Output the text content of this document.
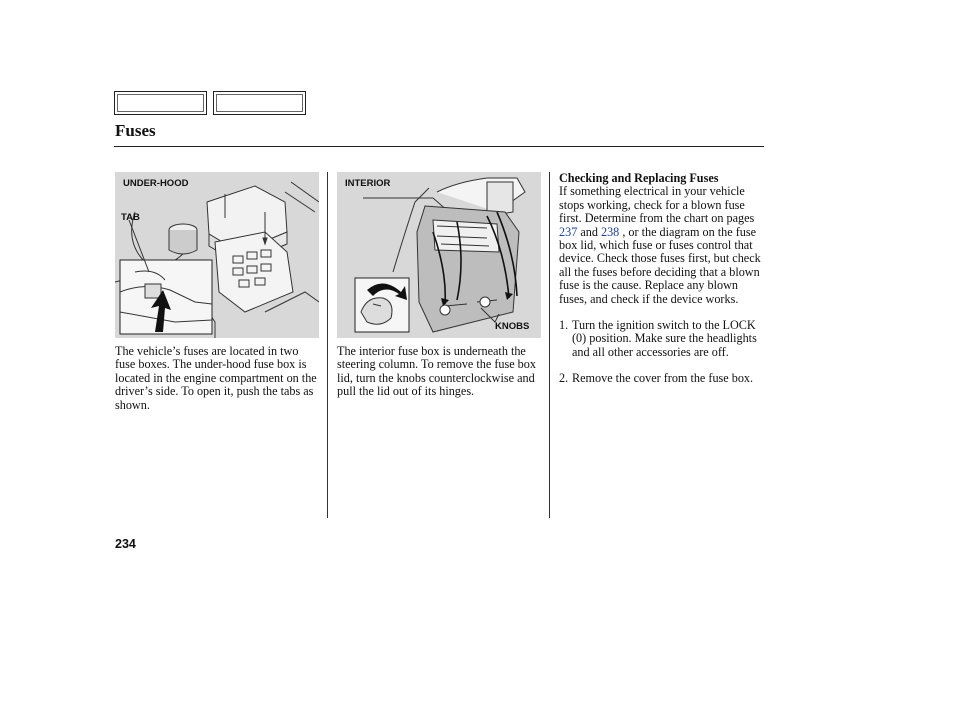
Fuses
UNDER-HOOD
TAB
INTERIOR
KNOBS
The vehicle’s fuses are located in two fuse boxes. The under-hood fuse box is located in the engine compartment on the driver’s side. To open it, push the tabs as shown.
The interior fuse box is underneath the steering column. To remove the fuse box lid, turn the knobs counterclockwise and pull the lid out of its hinges.
Checking and Replacing Fuses
If something electrical in your vehicle stops working, check for a blown fuse first. Determine from the chart on pages 237 and 238 , or the diagram on the fuse box lid, which fuse or fuses control that device. Check those fuses first, but check all the fuses before deciding that a blown fuse is the cause. Replace any blown fuses, and check if the device works.
1. Turn the ignition switch to the LOCK (0) position. Make sure the headlights and all other accessories are off.
2. Remove the cover from the fuse box.
234
